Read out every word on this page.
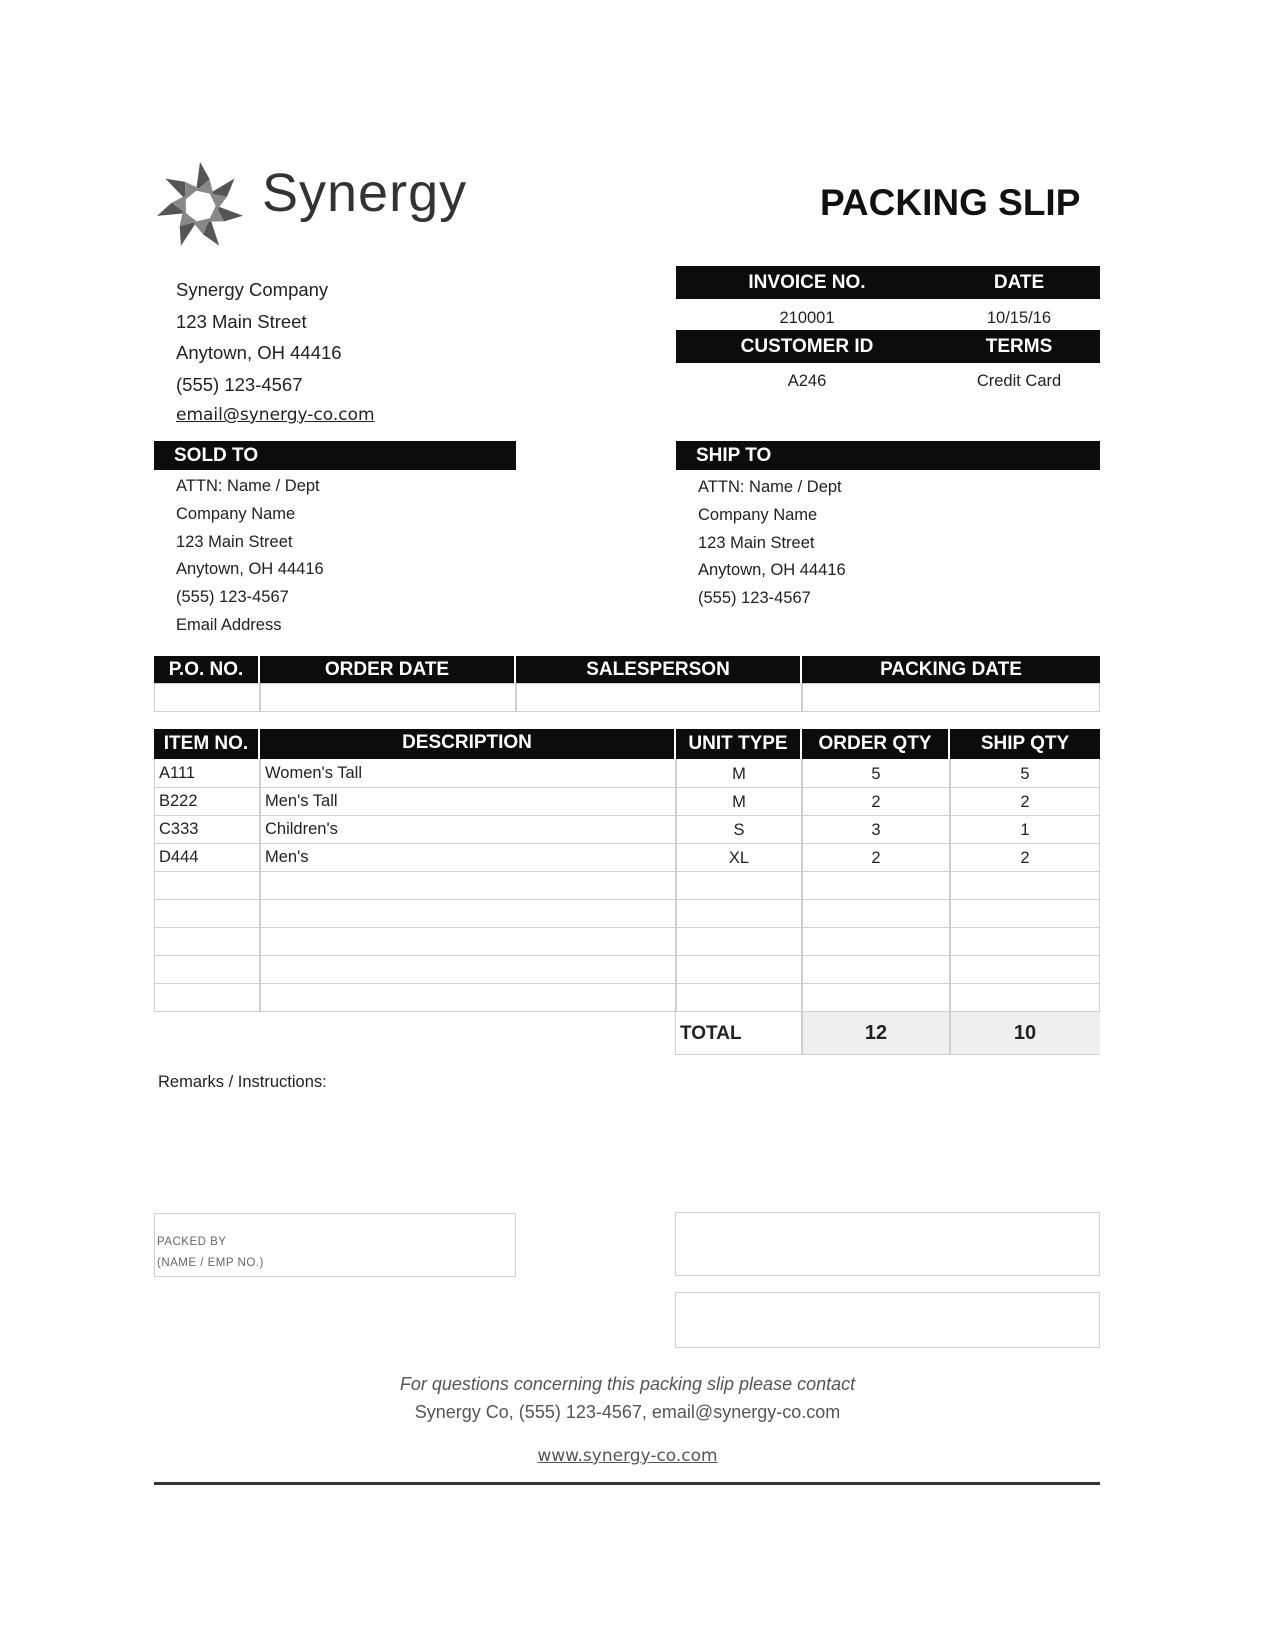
Synergy	PACKING SLIP
Synergy Company
123 Main Street
Anytown, OH 44416
(555) 123-4567
email@synergy-co.com
INVOICE NO.	DATE
210001	10/15/16
CUSTOMER ID	TERMS
A246	Credit Card
SOLD TO
ATTN: Name / Dept
Company Name
123 Main Street
Anytown, OH 44416
(555) 123-4567
Email Address
SHIP TO
ATTN: Name / Dept
Company Name
123 Main Street
Anytown, OH 44416
(555) 123-4567
P.O. NO.	ORDER DATE	SALESPERSON	PACKING DATE
ITEM NO.	DESCRIPTION	UNIT TYPE	ORDER QTY	SHIP QTY
A111	Women's Tall	M	5	5
B222	Men's Tall	M	2	2
C333	Children's	S	3	1
D444	Men's	XL	2	2
TOTAL	12	10
Remarks / Instructions:
PACKED BY
(NAME / EMP NO.)
For questions concerning this packing slip please contact
Synergy Co, (555) 123-4567, email@synergy-co.com
www.synergy-co.com
